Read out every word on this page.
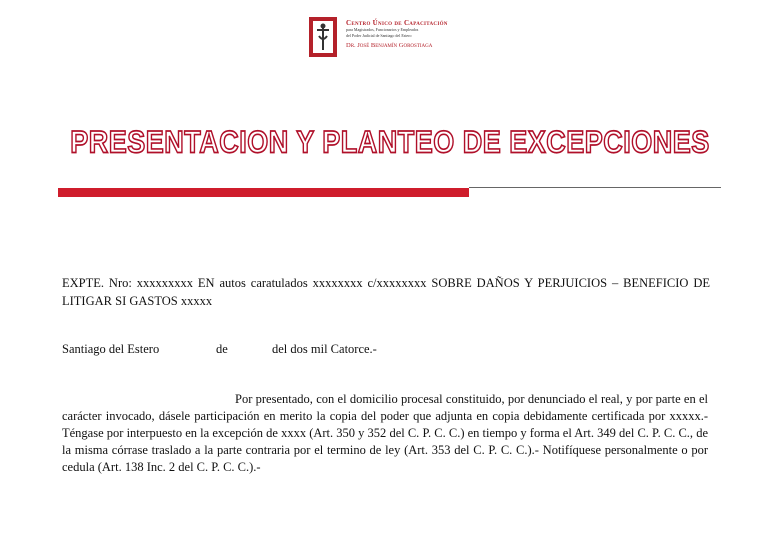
Centro Único de Capacitación
para Magistrados, Funcionarios y Empleados
del Poder Judicial de Santiago del Estero
Dr. José Benjamín Gorostiaga
PRESENTACION Y PLANTEO DE EXCEPCIONES
EXPTE. Nro: xxxxxxxxx EN autos caratulados xxxxxxxx c/xxxxxxxx SOBRE DAÑOS Y PERJUICIOS – BENEFICIO DE LITIGAR SI GASTOS xxxxx
Santiago del Estero	de	del dos mil Catorce.-
Por presentado, con el domicilio procesal constituido, por denunciado el real, y por parte en el carácter invocado, dásele participación en merito la copia del poder que adjunta en copia debidamente certificada por xxxxx.- Téngase por interpuesto en la excepción de xxxx (Art. 350 y 352 del C. P. C. C.) en tiempo y forma el Art. 349 del C. P. C. C., de la misma córrase traslado a la parte contraria por el termino de ley (Art. 353 del C. P. C. C.).- Notifíquese personalmente o por cedula (Art. 138 Inc. 2 del C. P. C. C.).-
